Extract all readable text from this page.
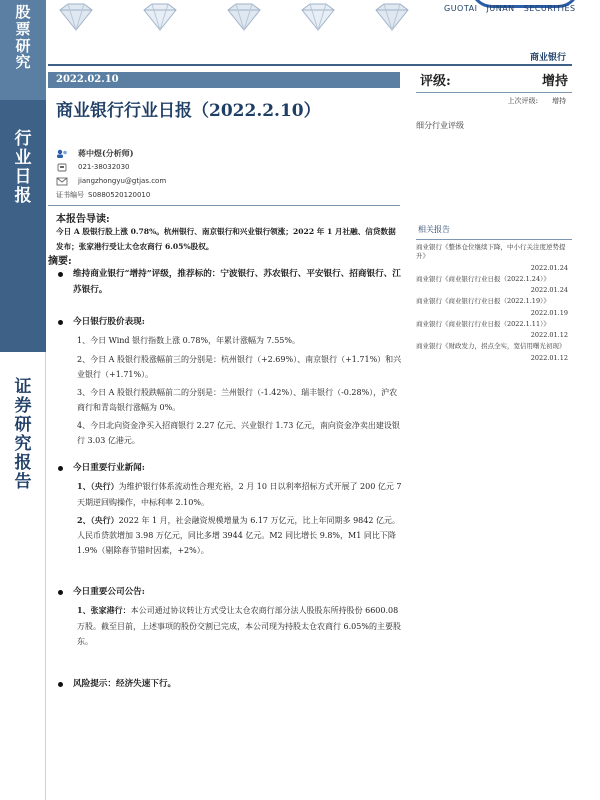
股
票
研
究
行
业
日
报
证
券
研
究
报
告
GUOTAI JUNAN SECURITIES
商业银行
2022.02.10
商业银行行业日报（2022.2.10）
蒋中煜(分析师)
021-38032030
jiangzhongyu@gtjas.com
证书编号 S0880520120010
评级:	增持
上次评级: 增持
细分行业评级
相关报告
商业银行《整体仓位继续下降，中小行关注度逆势提升》
2022.01.24
商业银行《商业银行行业日报（2022.1.24）》
2022.01.24
商业银行《商业银行行业日报（2022.1.19）》
2022.01.19
商业银行《商业银行行业日报（2022.1.11）》
2022.01.12
商业银行《财政发力，拐点全实，宽信用曙光初现》
2022.01.12
本报告导读:
今日 A 股银行股上涨 0.78%。杭州银行、南京银行和兴业银行领涨；2022 年 1 月社融、信贷数据发布；张家港行受让太仓农商行 6.05%股权。
摘要:
维持商业银行“增持”评级，推荐标的：宁波银行、苏农银行、平安银行、招商银行、江苏银行。
今日银行股价表现:
1、今日 Wind 银行指数上涨 0.78%，年累计涨幅为 7.55%。
2、今日 A 股银行股涨幅前三的分别是：杭州银行（+2.69%）、南京银行（+1.71%）和兴业银行（+1.71%）。
3、今日 A 股银行股跌幅前二的分别是：兰州银行（-1.42%）、瑞丰银行（-0.28%），沪农商行和青岛银行涨幅为 0%。
4、今日北向资金净买入招商银行 2.27 亿元、兴业银行 1.73 亿元，南向资金净卖出建设银行 3.03 亿港元。
今日重要行业新闻:
1、（央行）为维护银行体系流动性合理充裕，2 月 10 日以利率招标方式开展了 200 亿元 7 天期逆回购操作，中标利率 2.10%。
2、（央行）2022 年 1 月，社会融资规模增量为 6.17 万亿元，比上年同期多 9842 亿元。人民币贷款增加 3.98 万亿元，同比多增 3944 亿元。M2 同比增长 9.8%，M1 同比下降 1.9%（剔除春节错时因素，+2%）。
今日重要公司公告:
1、张家港行：本公司通过协议转让方式受让太仓农商行部分法人股股东所持股份 6600.08 万股。截至目前，上述事项的股份交割已完成，本公司现为持股太仓农商行 6.05%的主要股东。
风险提示：经济失速下行。
